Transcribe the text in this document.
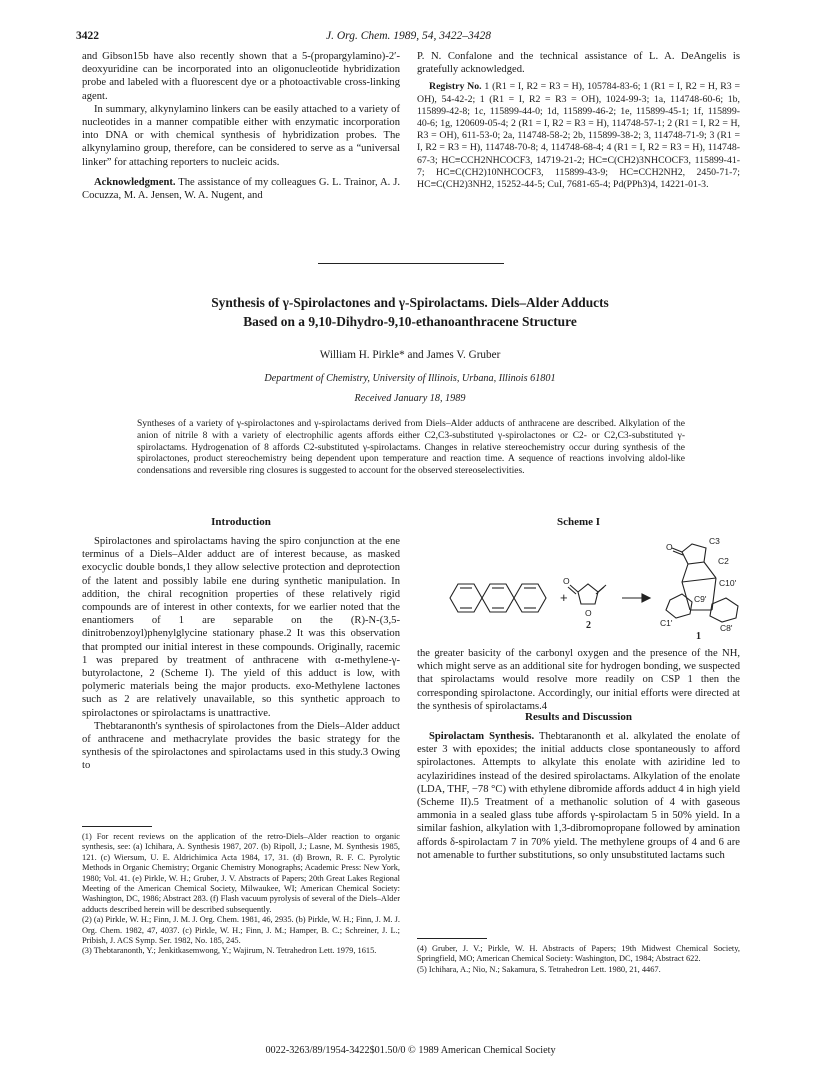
3422	J. Org. Chem. 1989, 54, 3422–3428

and Gibson15b have also recently shown that a 5-(propargylamino)-2′-deoxyuridine can be incorporated into an oligonucleotide hybridization probe and labeled with a fluorescent dye or a photoactivable cross-linking agent.

In summary, alkynylamino linkers can be easily attached to a variety of nucleotides in a manner compatible either with enzymatic incorporation into DNA or with chemical synthesis of hybridization probes. The alkynylamino group, therefore, can be considered to serve as a “universal linker” for attaching reporters to nucleic acids.

Acknowledgment. The assistance of my colleagues G. L. Trainor, A. J. Cocuzza, M. A. Jensen, W. A. Nugent, and

P. N. Confalone and the technical assistance of L. A. DeAngelis is gratefully acknowledged.

Registry No. 1 (R1 = I, R2 = R3 = H), 105784-83-6; 1 (R1 = I, R2 = H, R3 = OH), 54-42-2; 1 (R1 = I, R2 = R3 = OH), 1024-99-3; 1a, 114748-60-6; 1b, 115899-42-8; 1c, 115899-44-0; 1d, 115899-46-2; 1e, 115899-45-1; 1f, 115899-40-6; 1g, 120609-05-4; 2 (R1 = I, R2 = R3 = H), 114748-57-1; 2 (R1 = I, R2 = H, R3 = OH), 611-53-0; 2a, 114748-58-2; 2b, 115899-38-2; 3, 114748-71-9; 3 (R1 = I, R2 = R3 = H), 114748-70-8; 4, 114748-68-4; 4 (R1 = I, R2 = R3 = H), 114748-67-3; HC≡CCH2NHCOCF3, 14719-21-2; HC≡C(CH2)3NHCOCF3, 115899-41-7; HC≡C(CH2)10NHCOCF3, 115899-43-9; HC≡CCH2NH2, 2450-71-7; HC≡C(CH2)3NH2, 15252-44-5; CuI, 7681-65-4; Pd(PPh3)4, 14221-01-3.

Synthesis of γ-Spirolactones and γ-Spirolactams. Diels–Alder Adducts
Based on a 9,10-Dihydro-9,10-ethanoanthracene Structure
William H. Pirkle* and James V. Gruber
Department of Chemistry, University of Illinois, Urbana, Illinois 61801
Received January 18, 1989
Syntheses of a variety of γ-spirolactones and γ-spirolactams derived from Diels–Alder adducts of anthracene are described. Alkylation of the anion of nitrile 8 with a variety of electrophilic agents affords either C2,C3-substituted γ-spirolactones or C2- or C2,C3-substituted γ-spirolactams. Hydrogenation of 8 affords C2-substituted γ-spirolactams. Changes in relative stereochemistry occur during synthesis of the spirolactones, product stereochemistry being dependent upon temperature and reaction time. A sequence of reactions involving aldol-like condensations and reversible ring closures is suggested to account for the observed stereoselectivities.
Introduction

Spirolactones and spirolactams having the spiro conjunction at the ene terminus of a Diels–Alder adduct are of interest because, as masked exocyclic double bonds,1 they allow selective protection and deprotection of the latent and possibly labile ene during synthetic manipulation. In addition, the chiral recognition properties of these relatively rigid compounds are of interest in other contexts, for we earlier noted that the enantiomers of 1 are separable on the (R)-N-(3,5-dinitrobenzoyl)phenylglycine stationary phase.2 It was this observation that prompted our initial interest in these compounds. Originally, racemic 1 was prepared by treatment of anthracene with α-methylene-γ-butyrolactone, 2 (Scheme I). The yield of this adduct is low, with polymeric materials being the major products. exo-Methylene lactones such as 2 are relatively unavailable, so this synthetic approach to spirolactones or spirolactams is unattractive.

Thebtaranonth's synthesis of spirolactones from the Diels–Alder adduct of anthracene and methacrylate provides the basic strategy for the synthesis of the spirolactones and spirolactams used in this study.3 Owing to

(1) For recent reviews on the application of the retro-Diels–Alder reaction to organic synthesis, see: (a) Ichihara, A. Synthesis 1987, 207. (b) Ripoll, J.; Lasne, M. Synthesis 1985, 121. (c) Wiersum, U. E. Aldrichimica Acta 1984, 17, 31. (d) Brown, R. F. C. Pyrolytic Methods in Organic Chemistry; Organic Chemistry Monographs; Academic Press: New York, 1980; Vol. 41. (e) Pirkle, W. H.; Gruber, J. V. Abstracts of Papers; 20th Great Lakes Regional Meeting of the American Chemical Society, Milwaukee, WI; American Chemical Society: Washington, DC, 1986; Abstract 283. (f) Flash vacuum pyrolysis of several of the Diels–Alder adducts described herein will be described subsequently.

(2) (a) Pirkle, W. H.; Finn, J. M. J. Org. Chem. 1981, 46, 2935. (b) Pirkle, W. H.; Finn, J. M. J. Org. Chem. 1982, 47, 4037. (c) Pirkle, W. H.; Finn, J. M.; Hamper, B. C.; Schreiner, J. L.; Pribish, J. ACS Symp. Ser. 1982, No. 185, 245.

(3) Thebtaranonth, Y.; Jenkitkasemwong, Y.; Wajirum, N. Tetrahedron Lett. 1979, 1615.

Scheme I
+
O
O
2
O
C3
C2
C10'
C9'
C1'	C8'
1

the greater basicity of the carbonyl oxygen and the presence of the NH, which might serve as an additional site for hydrogen bonding, we suspected that spirolactams would resolve more readily on CSP 1 then the corresponding spirolactone. Accordingly, our initial efforts were directed at the synthesis of spirolactams.4

Results and Discussion

Spirolactam Synthesis. Thebtaranonth et al. alkylated the enolate of ester 3 with epoxides; the initial adducts close spontaneously to afford spirolactones. Attempts to alkylate this enolate with aziridine led to acylaziridines instead of the desired spirolactams. Alkylation of the enolate (LDA, THF, −78 °C) with ethylene dibromide affords adduct 4 in high yield (Scheme II).5 Treatment of a methanolic solution of 4 with gaseous ammonia in a sealed glass tube affords γ-spirolactam 5 in 50% yield. In a similar fashion, alkylation with 1,3-dibromopropane followed by amination affords δ-spirolactam 7 in 70% yield. The methylene groups of 4 and 6 are not amenable to further substitutions, so only unsubstituted lactams such

(4) Gruber, J. V.; Pirkle, W. H. Abstracts of Papers; 19th Midwest Chemical Society, Springfield, MO; American Chemical Society: Washington, DC, 1984; Abstract 622.

(5) Ichihara, A.; Nio, N.; Sakamura, S. Tetrahedron Lett. 1980, 21, 4467.

0022-3263/89/1954-3422$01.50/0 © 1989 American Chemical Society
